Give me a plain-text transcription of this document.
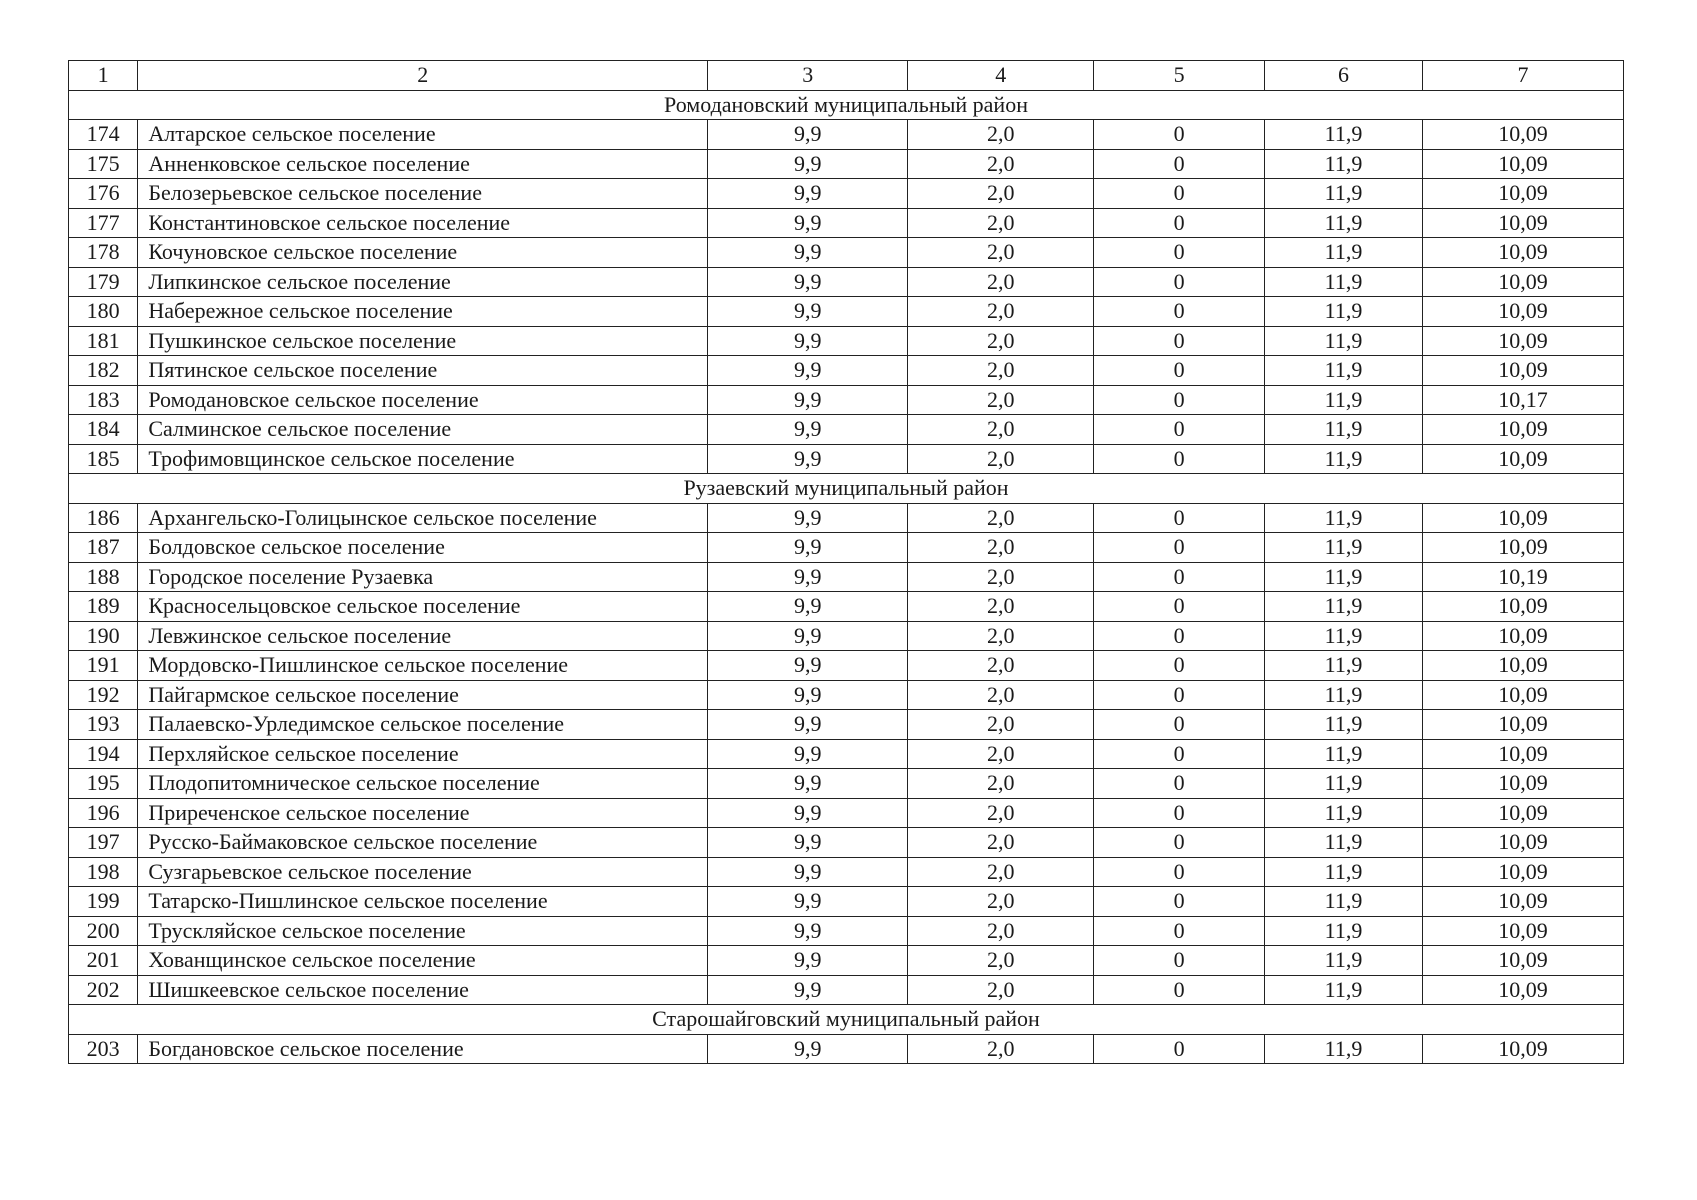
1	2	3	4	5	6	7
Ромодановский муниципальный район						
174	Алтарское сельское поселение	9,9	2,0	0	11,9	10,09
175	Анненковское сельское поселение	9,9	2,0	0	11,9	10,09
176	Белозерьевское сельское поселение	9,9	2,0	0	11,9	10,09
177	Константиновское сельское поселение	9,9	2,0	0	11,9	10,09
178	Кочуновское сельское поселение	9,9	2,0	0	11,9	10,09
179	Липкинское сельское поселение	9,9	2,0	0	11,9	10,09
180	Набережное сельское поселение	9,9	2,0	0	11,9	10,09
181	Пушкинское сельское поселение	9,9	2,0	0	11,9	10,09
182	Пятинское сельское поселение	9,9	2,0	0	11,9	10,09
183	Ромодановское сельское поселение	9,9	2,0	0	11,9	10,17
184	Салминское сельское поселение	9,9	2,0	0	11,9	10,09
185	Трофимовщинское сельское поселение	9,9	2,0	0	11,9	10,09
Рузаевский муниципальный район						
186	Архангельско-Голицынское сельское поселение	9,9	2,0	0	11,9	10,09
187	Болдовское сельское поселение	9,9	2,0	0	11,9	10,09
188	Городское поселение Рузаевка	9,9	2,0	0	11,9	10,19
189	Красносельцовское сельское поселение	9,9	2,0	0	11,9	10,09
190	Левжинское сельское поселение	9,9	2,0	0	11,9	10,09
191	Мордовско-Пишлинское сельское поселение	9,9	2,0	0	11,9	10,09
192	Пайгармское сельское поселение	9,9	2,0	0	11,9	10,09
193	Палаевско-Урледимское сельское поселение	9,9	2,0	0	11,9	10,09
194	Перхляйское сельское поселение	9,9	2,0	0	11,9	10,09
195	Плодопитомническое сельское поселение	9,9	2,0	0	11,9	10,09
196	Приреченское сельское поселение	9,9	2,0	0	11,9	10,09
197	Русско-Баймаковское сельское поселение	9,9	2,0	0	11,9	10,09
198	Сузгарьевское сельское поселение	9,9	2,0	0	11,9	10,09
199	Татарско-Пишлинское сельское поселение	9,9	2,0	0	11,9	10,09
200	Трускляйское сельское поселение	9,9	2,0	0	11,9	10,09
201	Хованщинское сельское поселение	9,9	2,0	0	11,9	10,09
202	Шишкеевское сельское поселение	9,9	2,0	0	11,9	10,09
Старошайговский муниципальный район						
203	Богдановское сельское поселение	9,9	2,0	0	11,9	10,09
